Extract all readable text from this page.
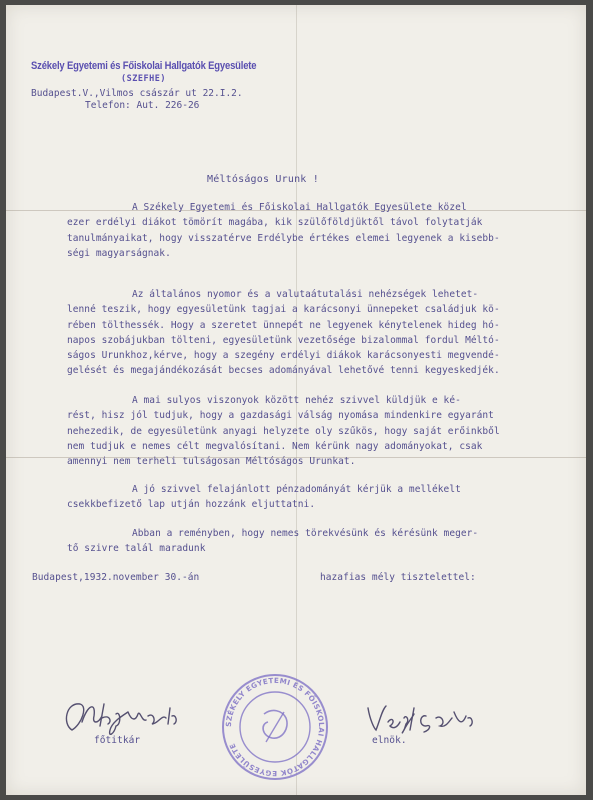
Székely Egyetemi és Főiskolai Hallgatók Egyesülete
(SZEFHE)
Budapest.V.,Vilmos császár ut 22.I.2.
Telefon: Aut. 226-26
Méltóságos Urunk !
A Székely Egyetemi és Főiskolai Hallgatók Egyesülete közel
ezer erdélyi diákot tömörít magába, kik szülőföldjüktől távol folytatják
tanulmányaikat, hogy visszatérve Erdélybe értékes elemei legyenek a kisebb-
ségi magyarságnak.
Az általános nyomor és a valutaátutalási nehézségek lehetet-
lenné teszik, hogy egyesületünk tagjai a karácsonyi ünnepeket családjuk kö-
rében tölthessék. Hogy a szeretet ünnepét ne legyenek kénytelenek hideg hó-
napos szobájukban tölteni, egyesületünk vezetősége bizalommal fordul Méltó-
ságos Urunkhoz,kérve, hogy a szegény erdélyi diákok karácsonyesti megvendé-
gelését és megajándékozását becses adományával lehetővé tenni kegyeskedjék.
A mai sulyos viszonyok között nehéz szivvel küldjük e ké-
rést, hisz jól tudjuk, hogy a gazdasági válság nyomása mindenkire egyaránt
nehezedik, de egyesületünk anyagi helyzete oly szűkös, hogy saját erőinkből
nem tudjuk e nemes célt megvalósítani. Nem kérünk nagy adományokat, csak
amennyi nem terheli tulságosan Méltóságos Urunkat.
A jó szivvel felajánlott pénzadományát kérjük a mellékelt
csekkbefizető lap utján hozzánk eljuttatni.
Abban a reményben, hogy nemes törekvésünk és kérésünk meger-
tő szivre talál maradunk
Budapest,1932.november 30.-án	hazafias mély tisztelettel:
főtitkár	elnök.
SZÉKELY EGYETEMI ÉS FŐISKOLAI HALLGATÓK EGYESÜLETE
